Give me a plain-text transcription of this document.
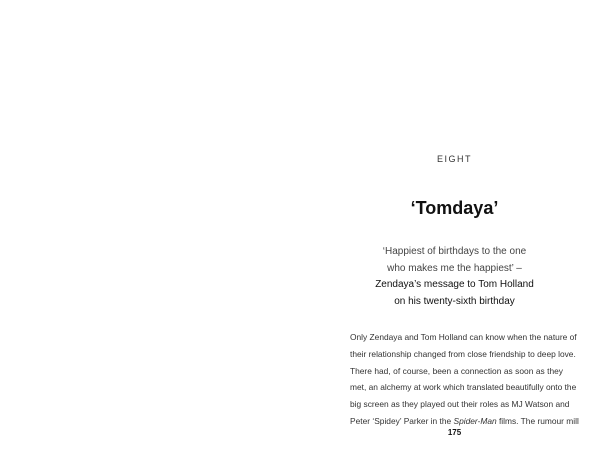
EIGHT
‘Tomdaya’
‘Happiest of birthdays to the one
who makes me the happiest’ –
Zendaya’s message to Tom Holland
on his twenty-sixth birthday
Only Zendaya and Tom Holland can know when the nature of
their relationship changed from close friendship to deep love.
There had, of course, been a connection as soon as they
met, an alchemy at work which translated beautifully onto the
big screen as they played out their roles as MJ Watson and
Peter ‘Spidey’ Parker in the Spider-Man films. The rumour mill
175
